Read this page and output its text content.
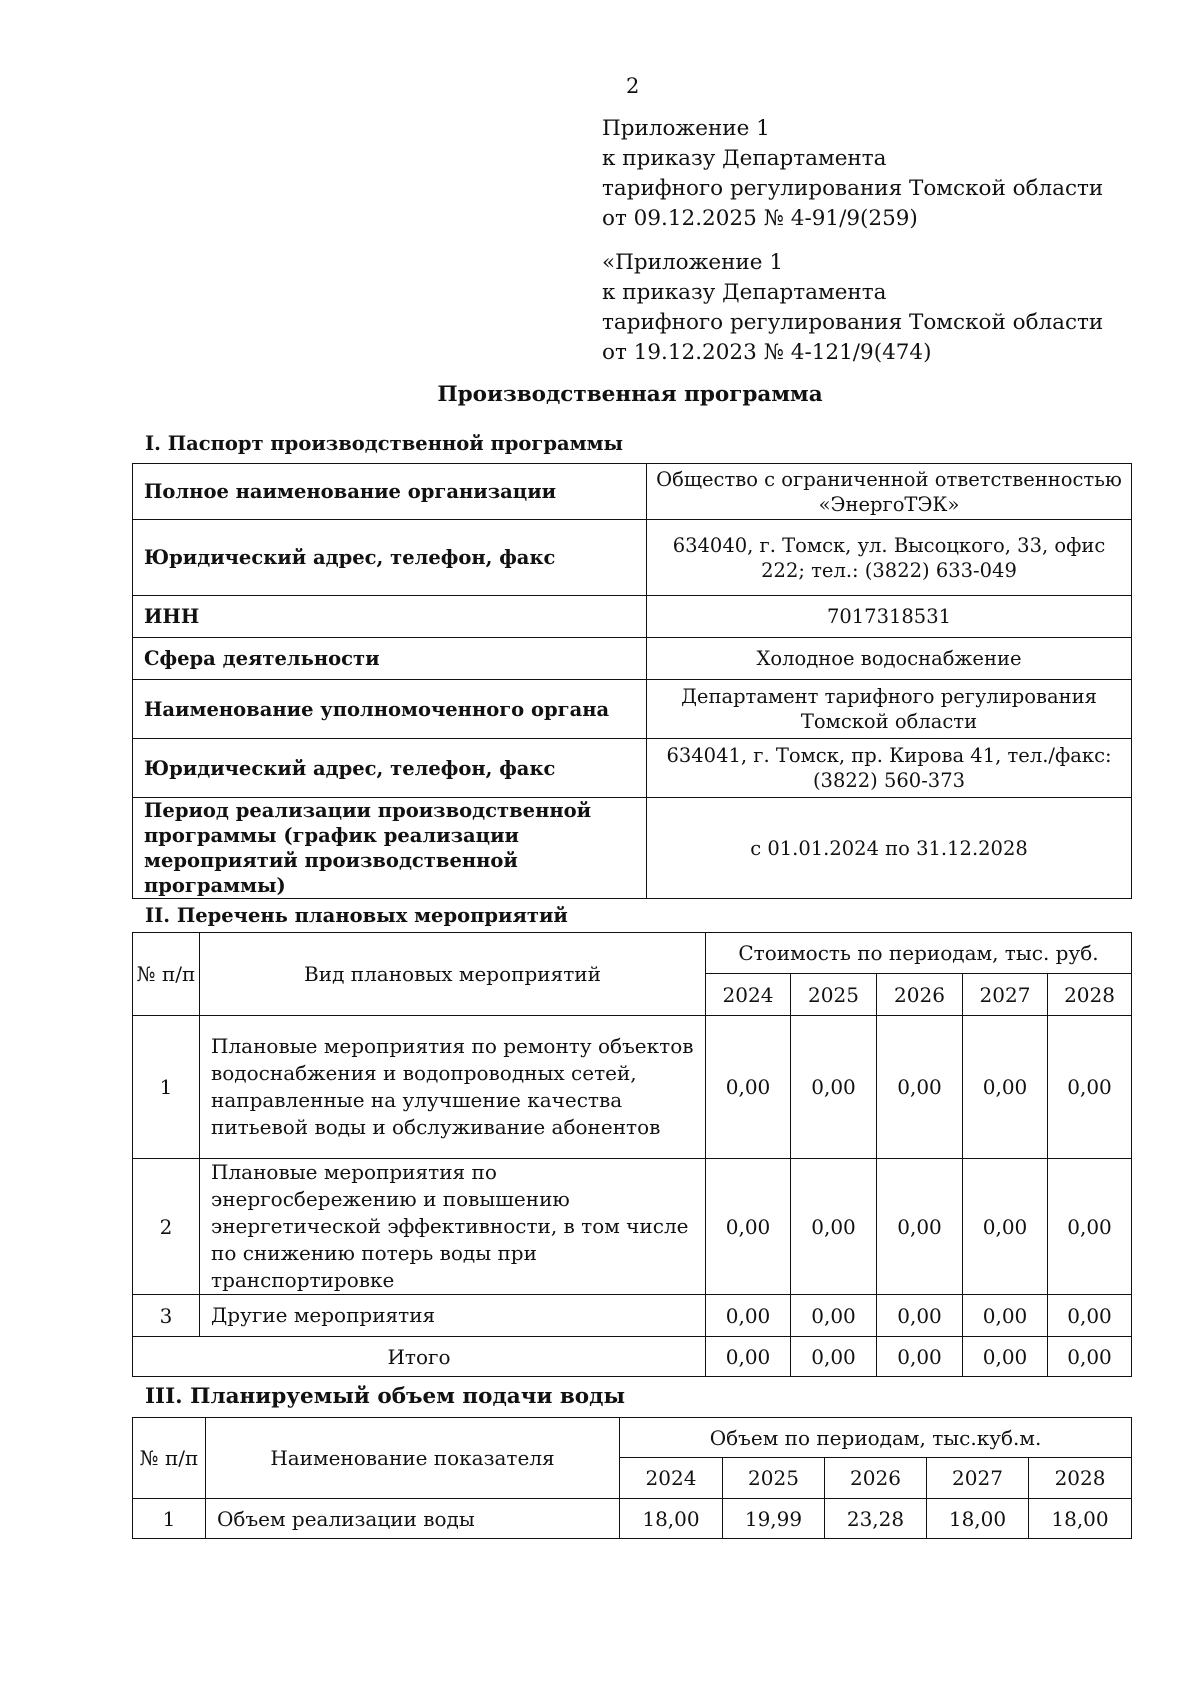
2
Приложение 1
к приказу Департамента
тарифного регулирования Томской области
от 09.12.2025 № 4-91/9(259)
«Приложение 1
к приказу Департамента
тарифного регулирования Томской области
от 19.12.2023 № 4-121/9(474)
Производственная программа
I. Паспорт производственной программы
Полное наименование организации	Общество с ограниченной ответственностью «ЭнергоТЭК»
Юридический адрес, телефон, факс	634040, г. Томск, ул. Высоцкого, 33, офис 222; тел.: (3822) 633-049
ИНН	7017318531
Сфера деятельности	Холодное водоснабжение
Наименование уполномоченного органа	Департамент тарифного регулирования Томской области
Юридический адрес, телефон, факс	634041, г. Томск, пр. Кирова 41, тел./факс: (3822) 560-373
Период реализации производственной программы (график реализации мероприятий производственной программы)	с 01.01.2024 по 31.12.2028
II. Перечень плановых мероприятий
№ п/п	Вид плановых мероприятий	Стоимость по периодам, тыс. руб.				
		2024	2025	2026	2027	2028
1	Плановые мероприятия по ремонту объектов водоснабжения и водопроводных сетей, направленные на улучшение качества питьевой воды и обслуживание абонентов	0,00	0,00	0,00	0,00	0,00
2	Плановые мероприятия по энергосбережению и повышению энергетической эффективности, в том числе по снижению потерь воды при транспортировке	0,00	0,00	0,00	0,00	0,00
3	Другие мероприятия	0,00	0,00	0,00	0,00	0,00
Итого		0,00	0,00	0,00	0,00	0,00
III. Планируемый объем подачи воды
№ п/п	Наименование показателя	Объем по периодам, тыс.куб.м.				
		2024	2025	2026	2027	2028
1	Объем реализации воды	18,00	19,99	23,28	18,00	18,00
